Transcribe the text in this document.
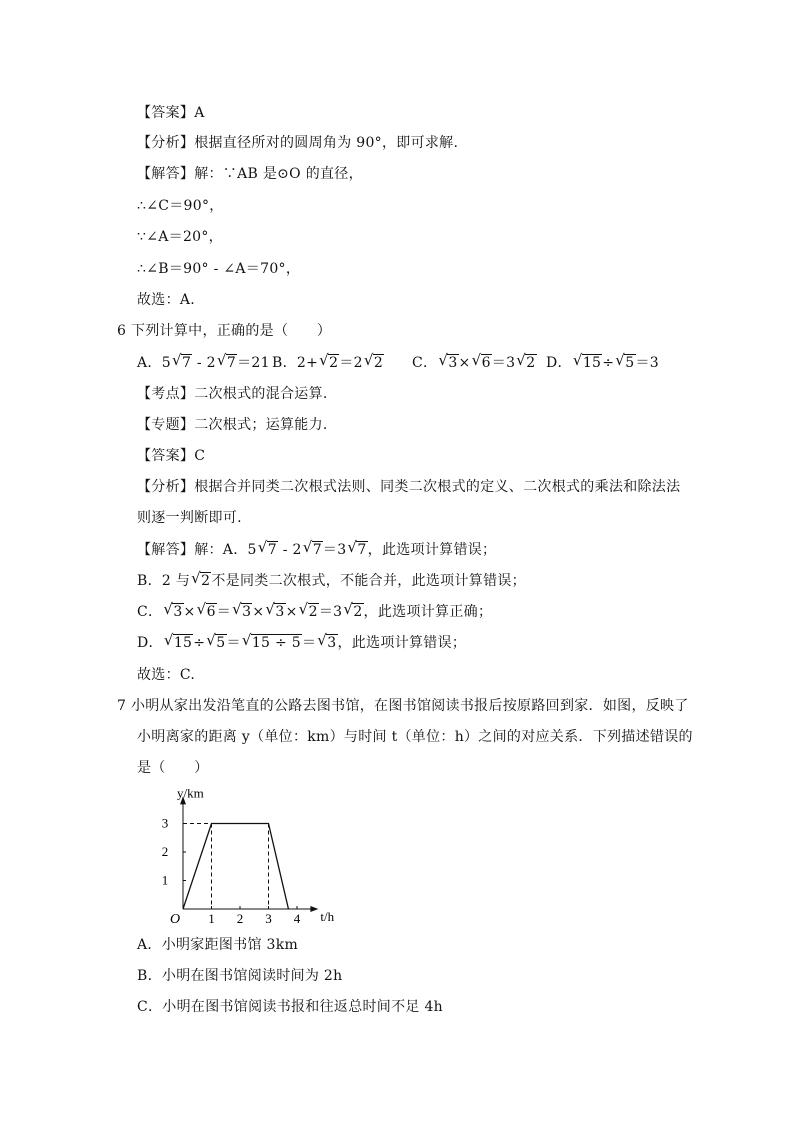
【答案】A
【分析】根据直径所对的圆周角为 90°，即可求解.
【解答】解：∵AB 是⊙O 的直径，
∴∠C＝90°，
∵∠A＝20°，
∴∠B＝90° - ∠A＝70°，
故选：A.
6 下列计算中，正确的是（　　）
A．5 √ 7 - 2 √ 7＝21 B．2+ √ 2＝2 √ 2 C． √ 3× √ 6＝3 √ 2 D． √ 15÷ √ 5＝3
【考点】二次根式的混合运算.
【专题】二次根式；运算能力.
【答案】C
【分析】根据合并同类二次根式法则、同类二次根式的定义、二次根式的乘法和除法法
则逐一判断即可.
【解答】解：A．5 √ 7 - 2 √ 7＝3 √ 7，此选项计算错误；
B．2 与 √ 2不是同类二次根式，不能合并，此选项计算错误；
C． √ 3× √ 6＝ √ 3× √ 3× √ 2＝3 √ 2，此选项计算正确；
D． √ 15÷ √ 5＝ √ 15 ÷ 5＝ √ 3，此选项计算错误；
故选：C.
7 小明从家出发沿笔直的公路去图书馆，在图书馆阅读书报后按原路回到家．如图，反映了
小明离家的距离 y（单位：km）与时间 t（单位：h）之间的对应关系．下列描述错误的
是（　　）
1 2 3 4
1
2
3
O
y/km
t/h
A．小明家距图书馆 3km
B．小明在图书馆阅读时间为 2h
C．小明在图书馆阅读书报和往返总时间不足 4h
